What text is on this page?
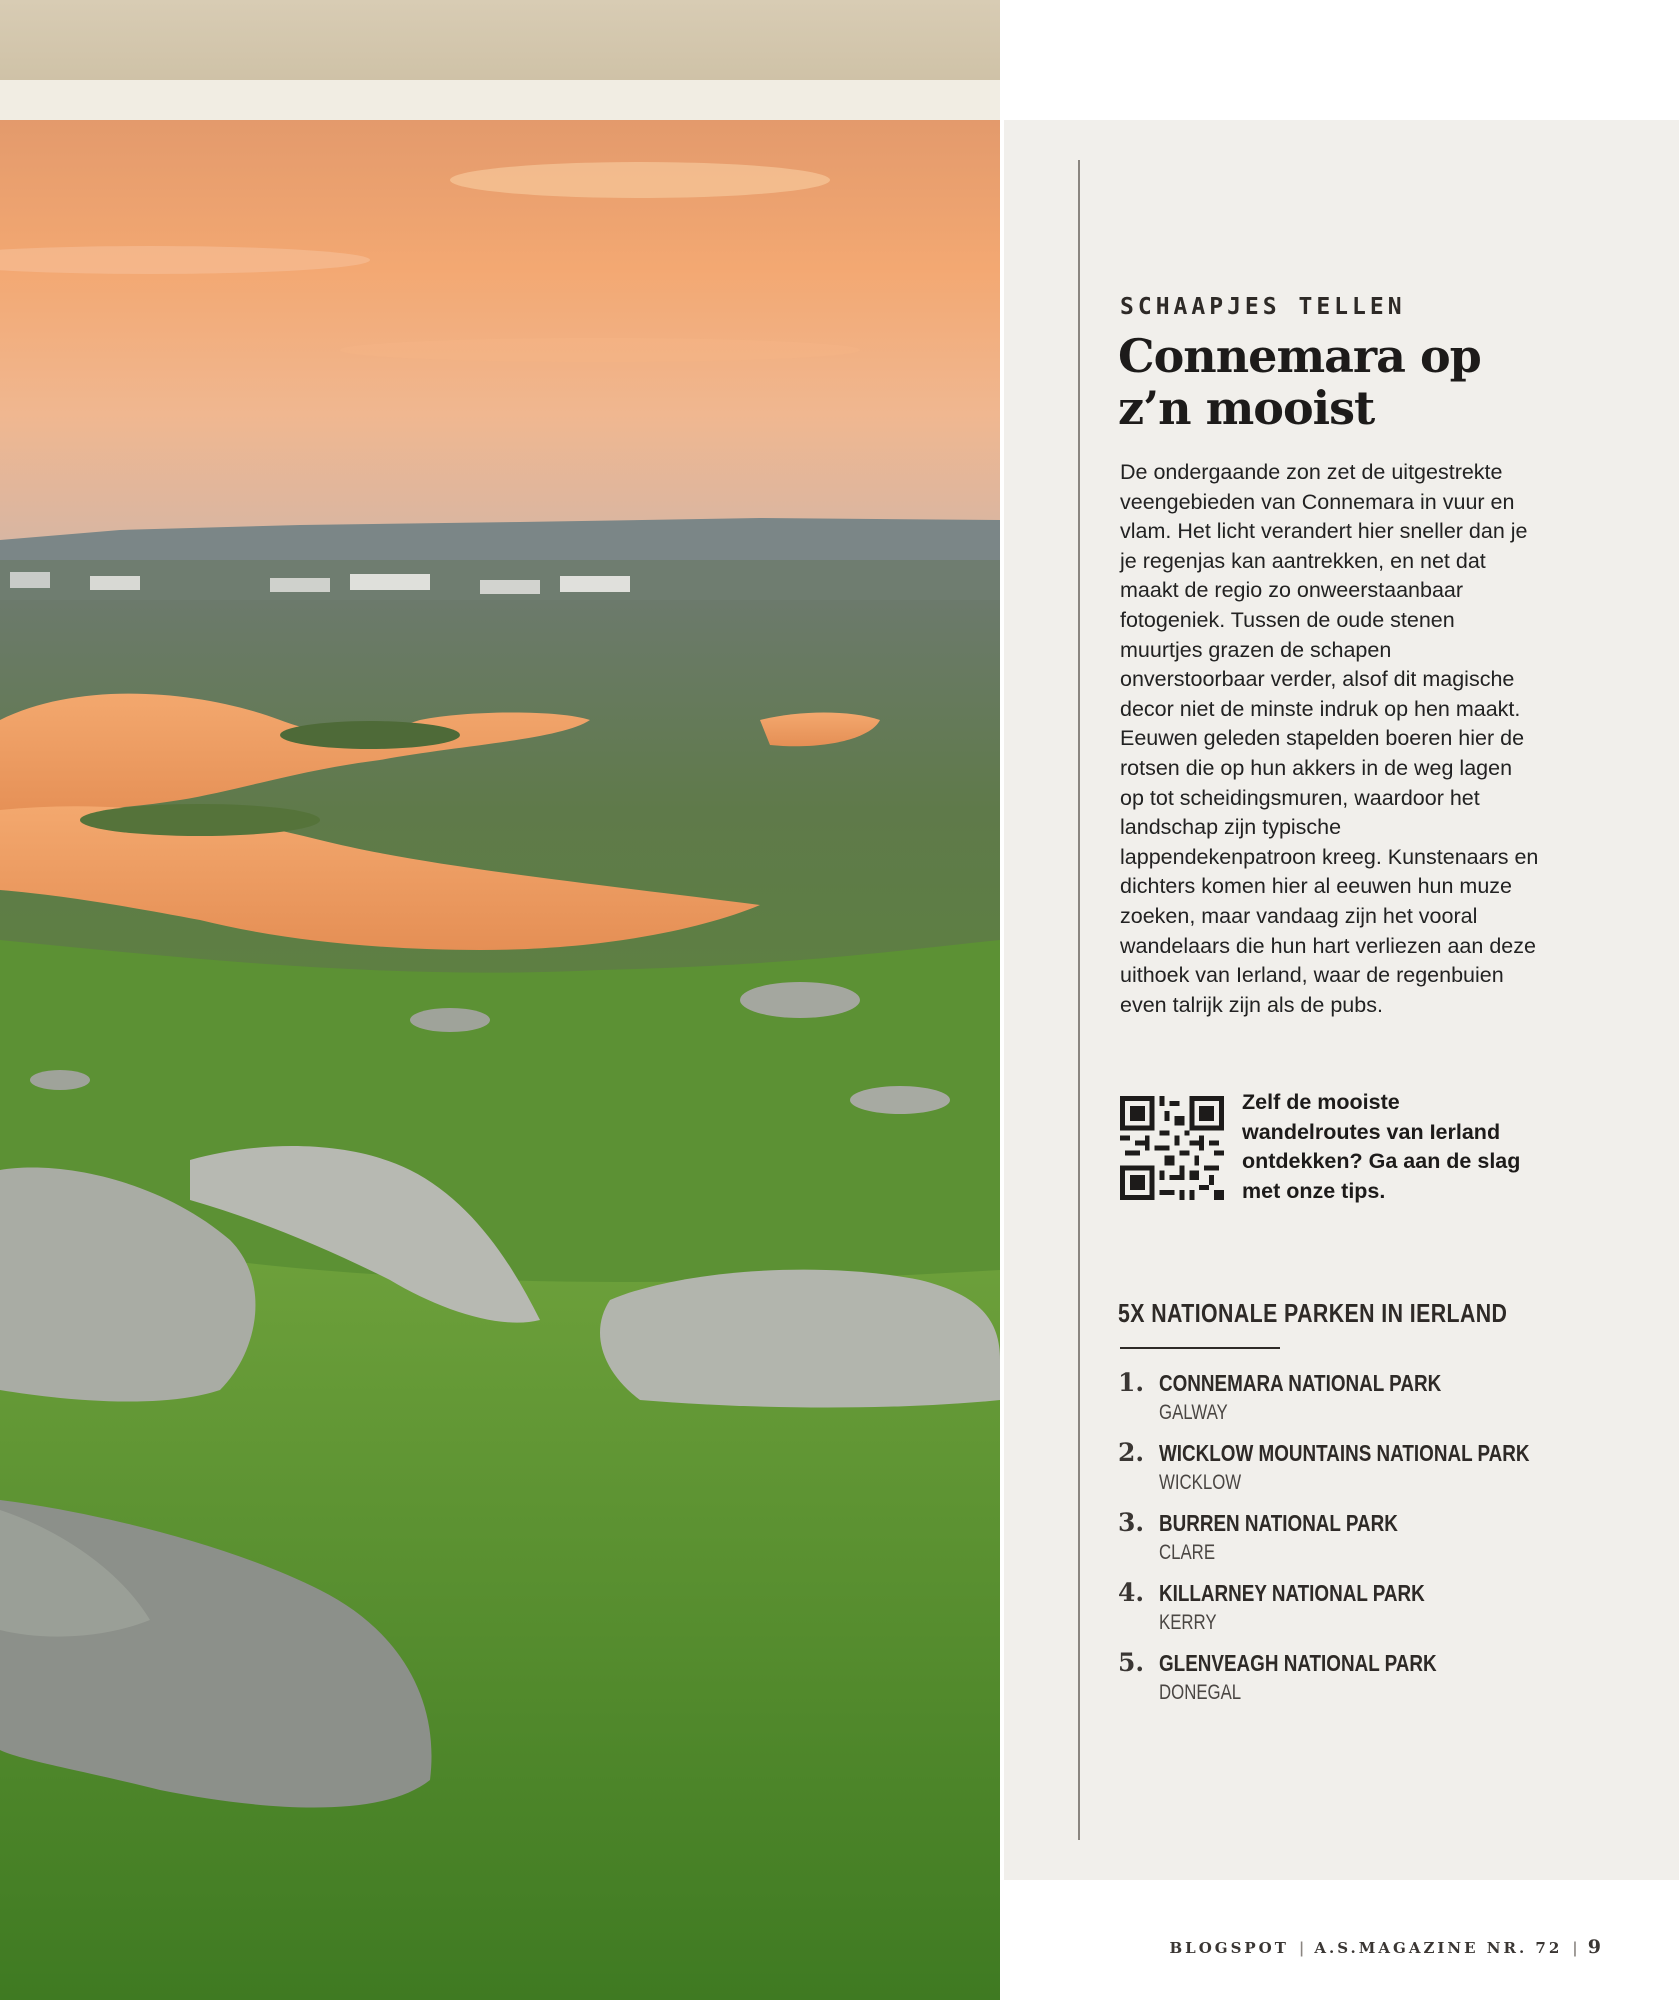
SCHAAPJES TELLEN
Connemara op z’n mooist
De ondergaande zon zet de uitgestrekte veengebieden van Connemara in vuur en vlam. Het licht verandert hier sneller dan je je regenjas kan aantrekken, en net dat maakt de regio zo onweerstaanbaar fotogeniek. Tussen de oude stenen muurtjes grazen de schapen onverstoorbaar verder, alsof dit magische decor niet de minste indruk op hen maakt. Eeuwen geleden stapelden boeren hier de rotsen die op hun akkers in de weg lagen op tot scheidingsmuren, waardoor het landschap zijn typische lappendekenpatroon kreeg. Kunstenaars en dichters komen hier al eeuwen hun muze zoeken, maar vandaag zijn het vooral wandelaars die hun hart verliezen aan deze uithoek van Ierland, waar de regenbuien even talrijk zijn als de pubs.
Zelf de mooiste wandelroutes van Ierland ontdekken? Ga aan de slag met onze tips.
5X NATIONALE PARKEN IN IERLAND
1. CONNEMARA NATIONAL PARK
GALWAY
2. WICKLOW MOUNTAINS NATIONAL PARK
WICKLOW
3. BURREN NATIONAL PARK
CLARE
4. KILLARNEY NATIONAL PARK
KERRY
5. GLENVEAGH NATIONAL PARK
DONEGAL
BLOGSPOT | A.S.MAGAZINE NR. 72 | 9
